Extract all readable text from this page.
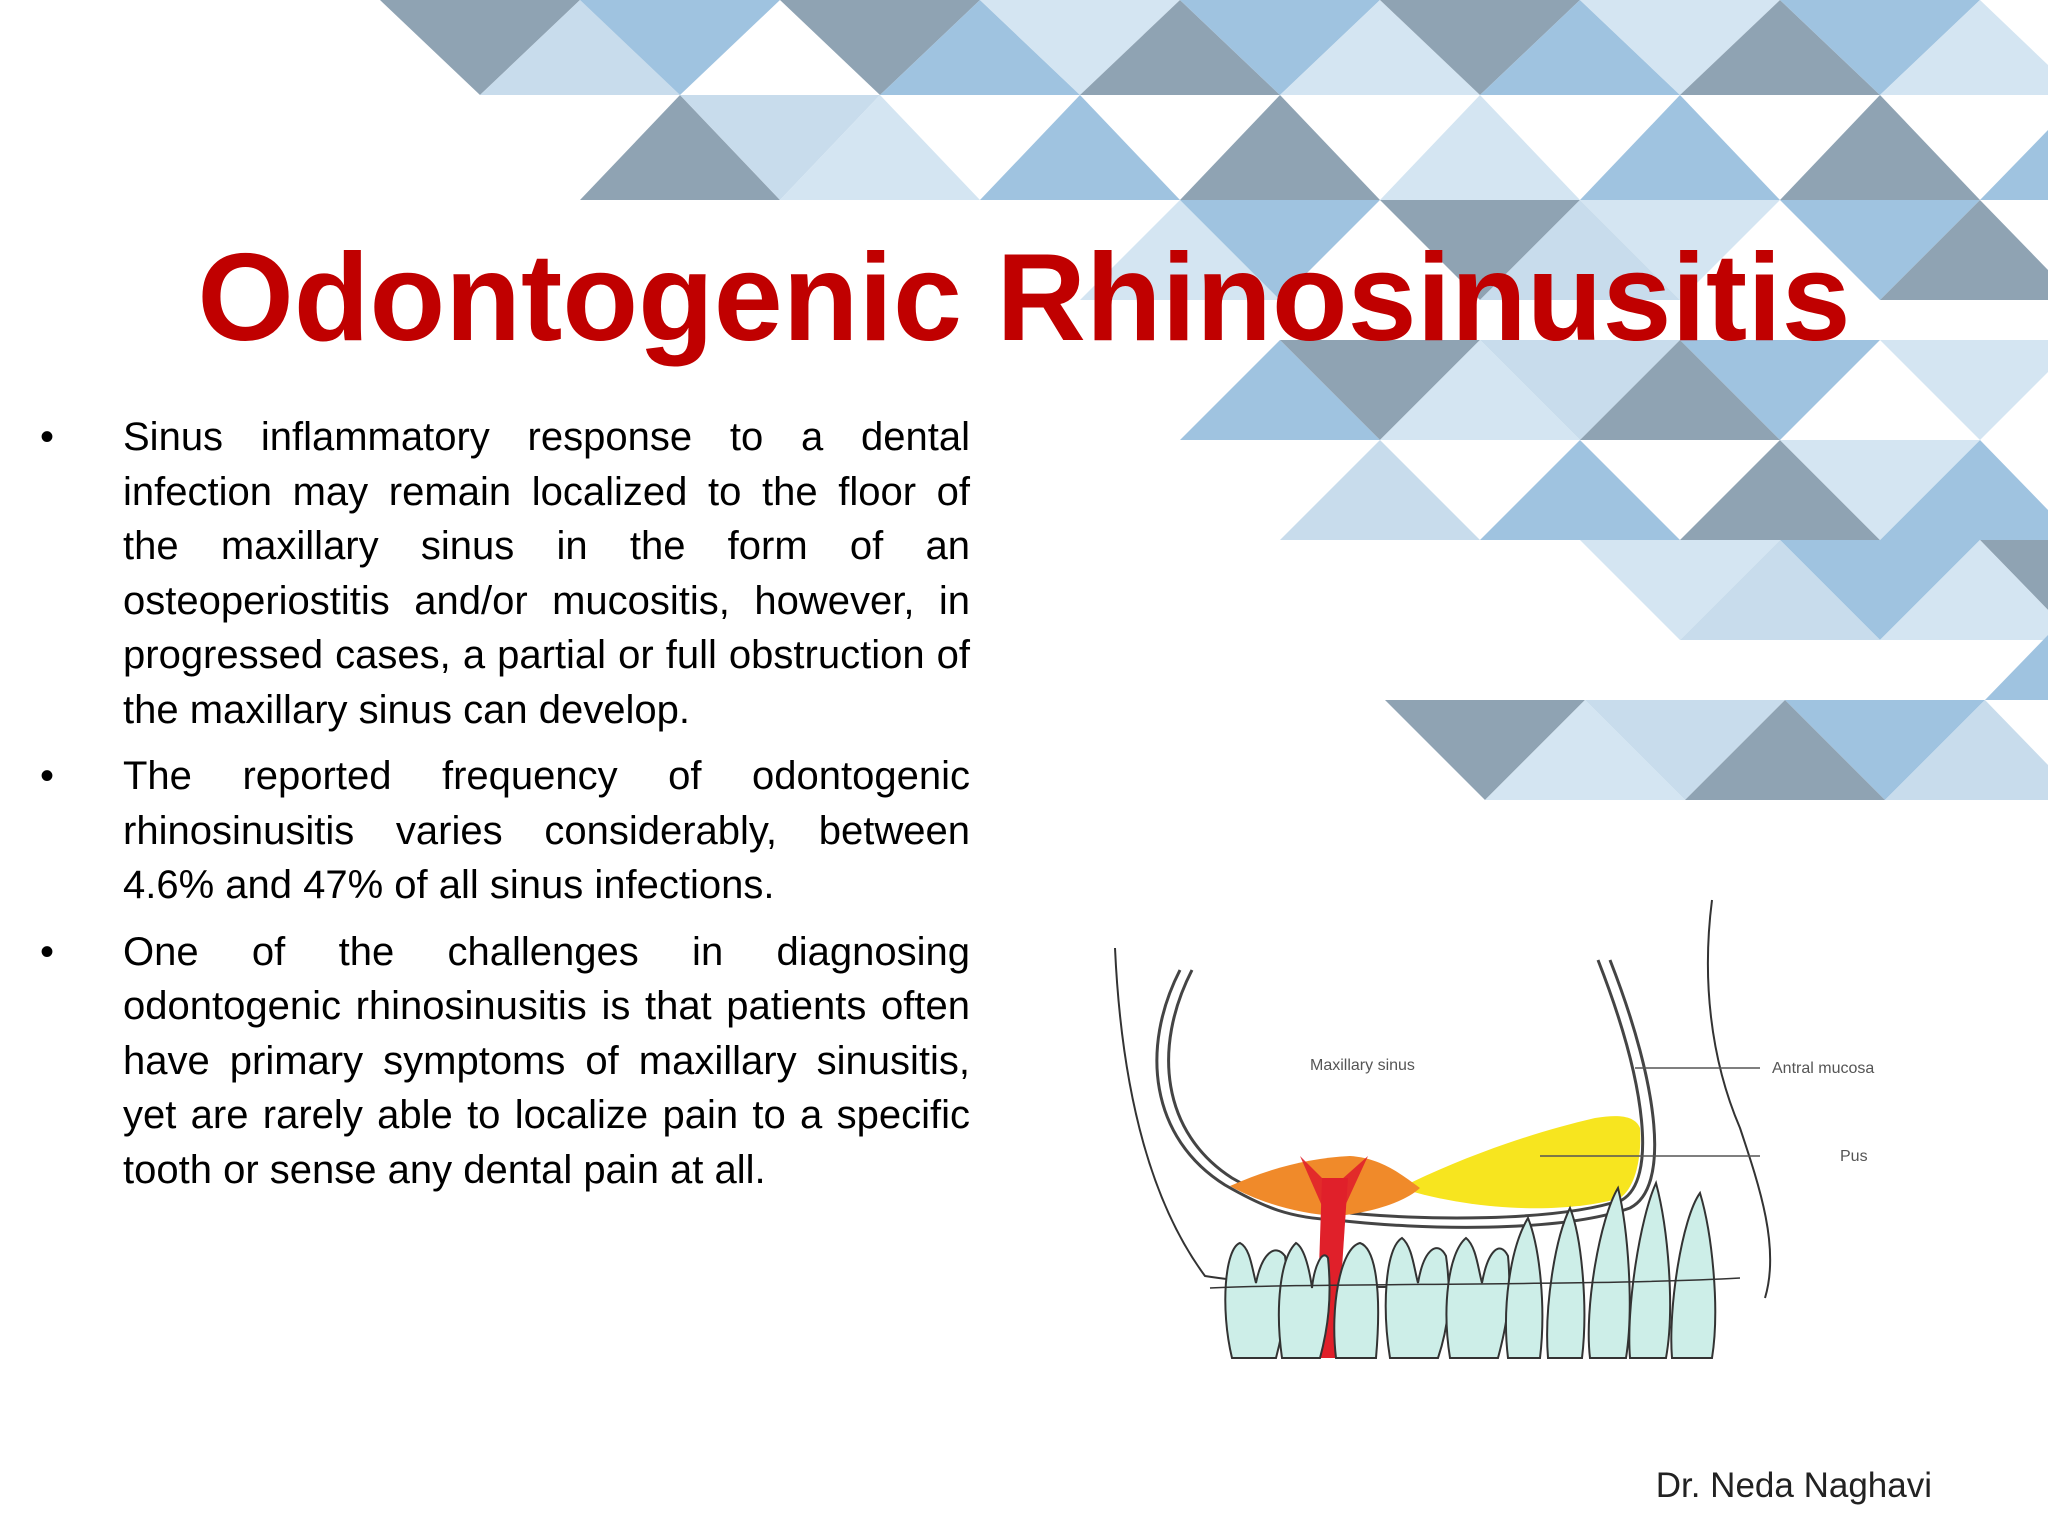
Odontogenic Rhinosinusitis
•	Sinus inflammatory response to a dental infection may remain localized to the floor of the maxillary sinus in the form of an osteoperiostitis and/or mucositis, however, in progressed cases, a partial or full obstruction of the maxillary sinus can develop.
•	The reported frequency of odontogenic rhinosinusitis varies considerably, between 4.6% and 47% of all sinus infections.
•	One of the challenges in diagnosing odontogenic rhinosinusitis is that patients often have primary symptoms of maxillary sinusitis, yet are rarely able to localize pain to a specific tooth or sense any dental pain at all.
Maxillary sinus	Antral mucosa
Pus

Dr. Neda Naghavi
